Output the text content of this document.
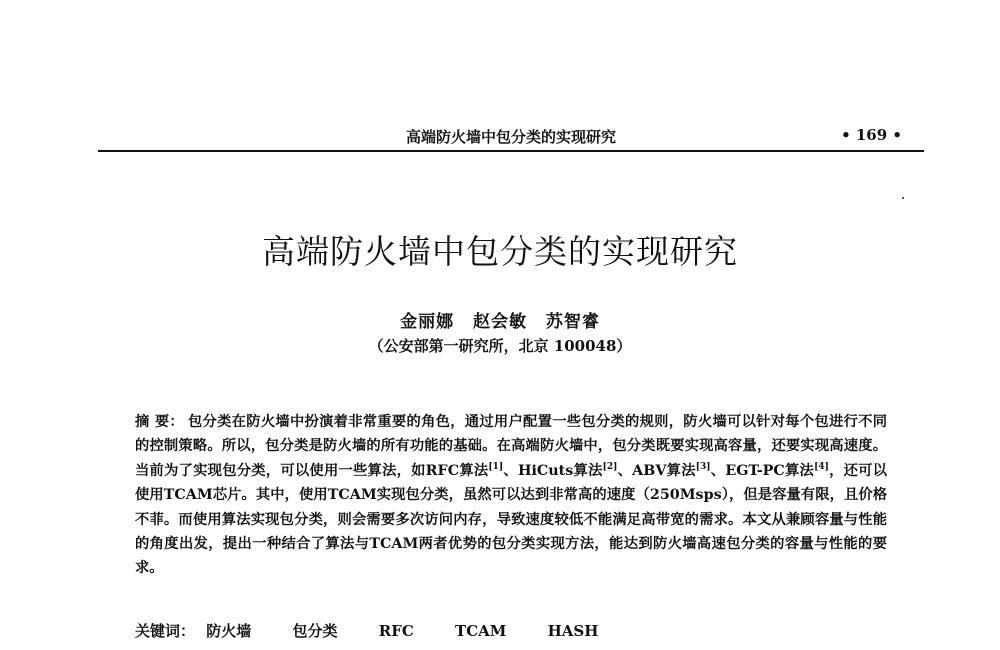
高端防火墙中包分类的实现研究	• 169 •
高端防火墙中包分类的实现研究
金丽娜 赵会敏 苏智睿
（公安部第一研究所，北京 100048）

摘 要： 包分类在防火墙中扮演着非常重要的角色，通过用户配置一些包分类的规则，防火墙可以针对每个包进行不同的控制策略。所以，包分类是防火墙的所有功能的基础。在高端防火墙中，包分类既要实现高容量，还要实现高速度。当前为了实现包分类，可以使用一些算法，如RFC算法[1]、HiCuts算法[2]、ABV算法[3]、EGT-PC算法[4]，还可以使用TCAM芯片。其中，使用TCAM实现包分类，虽然可以达到非常高的速度（250Msps），但是容量有限，且价格不菲。而使用算法实现包分类，则会需要多次访问内存，导致速度较低不能满足高带宽的需求。本文从兼顾容量与性能的角度出发，提出一种结合了算法与TCAM两者优势的包分类实现方法，能达到防火墙高速包分类的容量与性能的要求。

关键词： 防火墙	包分类	RFC	TCAM	HASH
